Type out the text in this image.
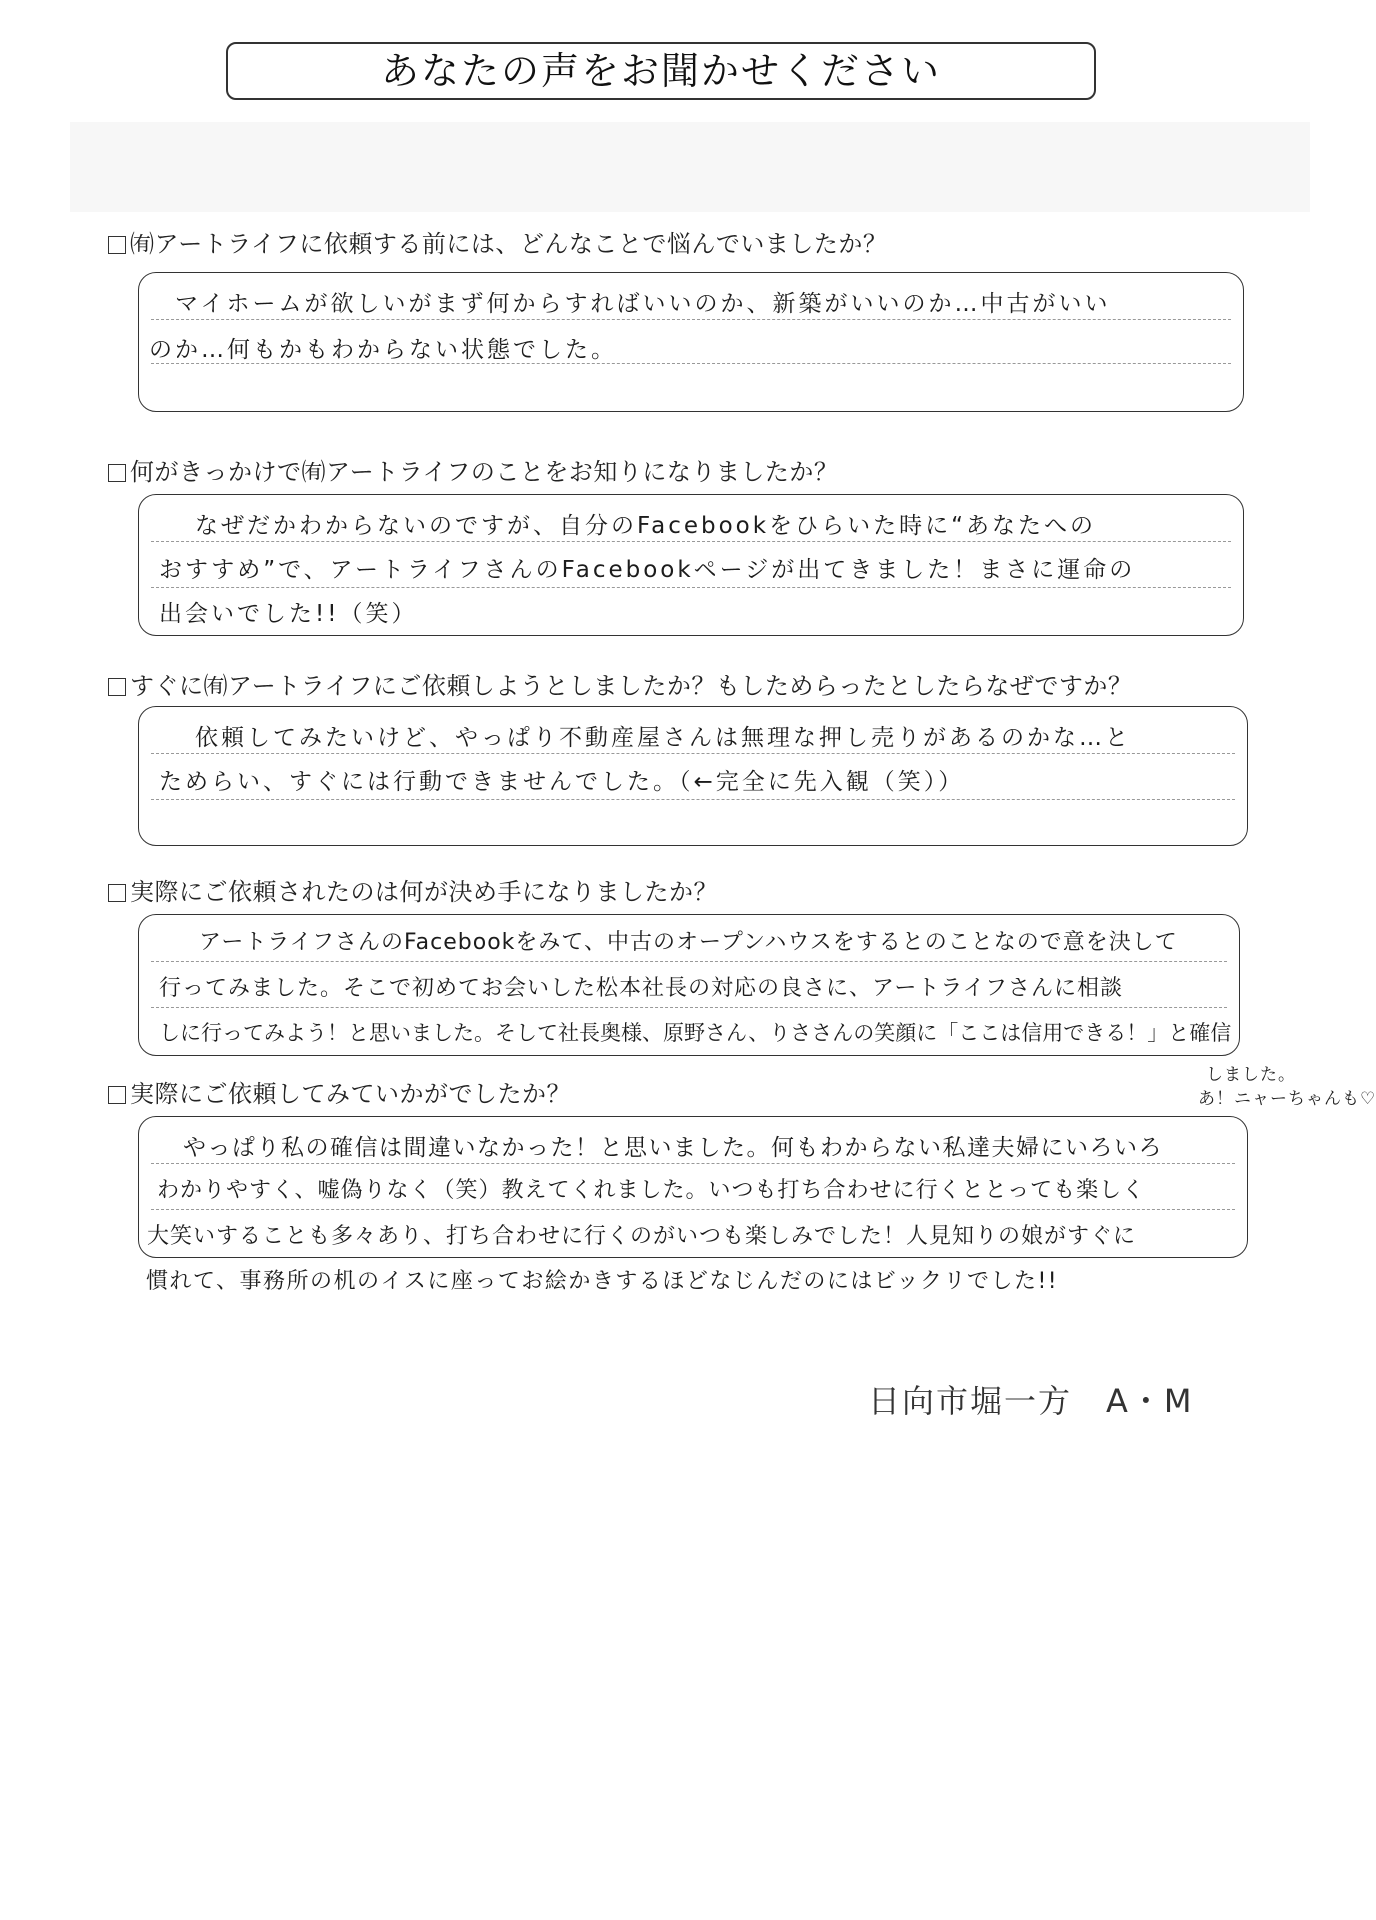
あなたの声をお聞かせください
㈲アートライフに依頼する前には、どんなことで悩んでいましたか？
マイホームが欲しいがまず何からすればいいのか、新築がいいのか…中古がいい
のか…何もかもわからない状態でした。
何がきっかけで㈲アートライフのことをお知りになりましたか？
なぜだかわからないのですが、自分のFacebookをひらいた時に“あなたへの
おすすめ”で、アートライフさんのFacebookページが出てきました！まさに運命の
出会いでした!!（笑）
すぐに㈲アートライフにご依頼しようとしましたか？もしためらったとしたらなぜですか？
依頼してみたいけど、やっぱり不動産屋さんは無理な押し売りがあるのかな…と
ためらい、すぐには行動できませんでした。（←完全に先入観（笑））
実際にご依頼されたのは何が決め手になりましたか？
アートライフさんのFacebookをみて、中古のオープンハウスをするとのことなので意を決して
行ってみました。そこで初めてお会いした松本社長の対応の良さに、アートライフさんに相談
しに行ってみよう！と思いました。そして社長奥様、原野さん、りささんの笑顔に「ここは信用できる！」と確信
しました。
あ！ニャーちゃんも♡
実際にご依頼してみていかがでしたか？
やっぱり私の確信は間違いなかった！と思いました。何もわからない私達夫婦にいろいろ
わかりやすく、嘘偽りなく（笑）教えてくれました。いつも打ち合わせに行くととっても楽しく
大笑いすることも多々あり、打ち合わせに行くのがいつも楽しみでした！人見知りの娘がすぐに
慣れて、事務所の机のイスに座ってお絵かきするほどなじんだのにはビックリでした!!
日向市堀一方　A・M
